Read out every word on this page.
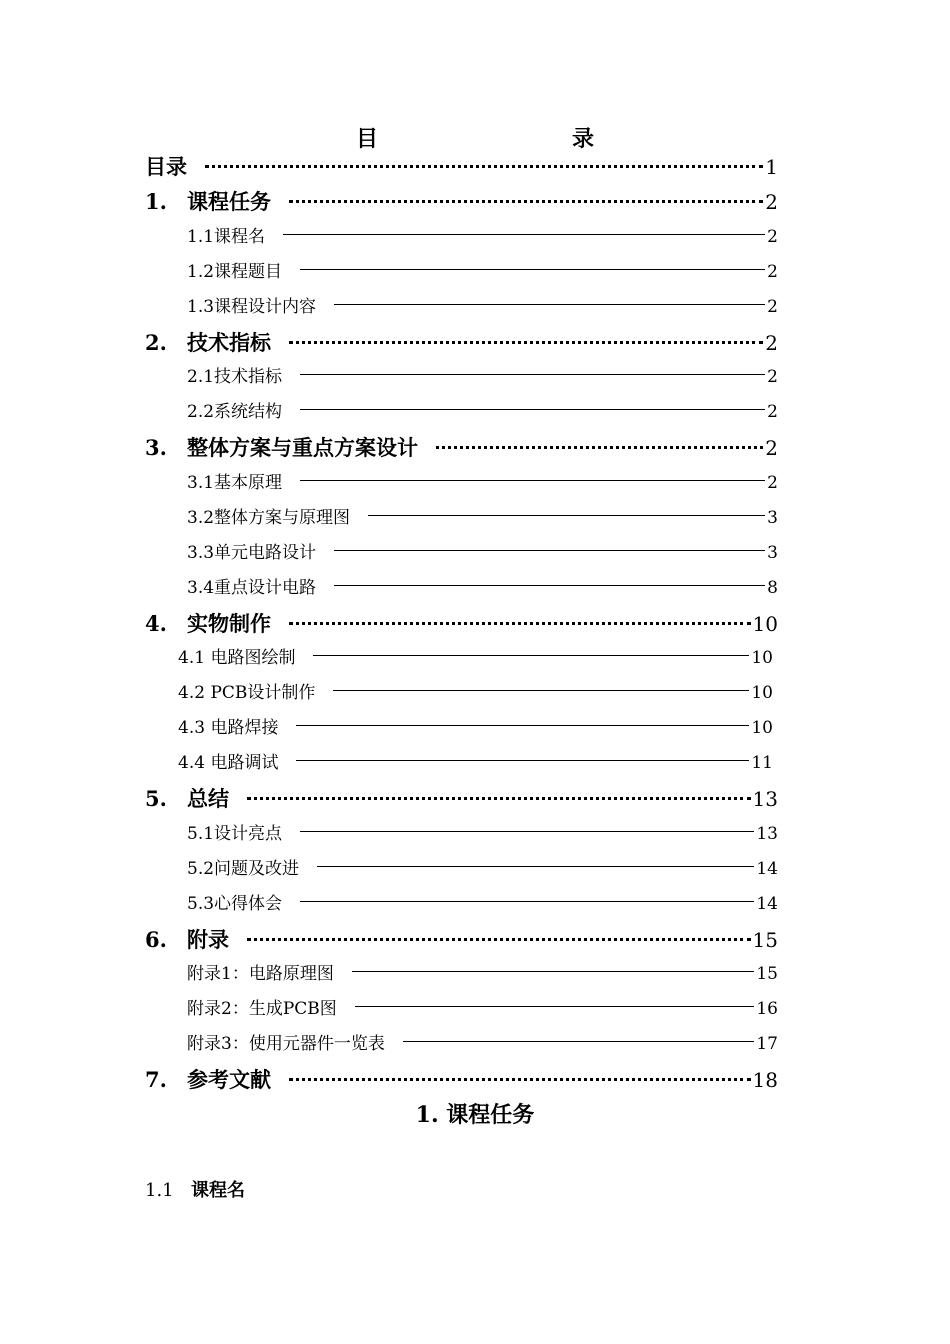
目　　录
目录	1
1. 课程任务	2
1.1课程名	2
1.2课程题目	2
1.3课程设计内容	2
2. 技术指标	2
2.1技术指标	2
2.2系统结构	2
3. 整体方案与重点方案设计	2
3.1基本原理	2
3.2整体方案与原理图	3
3.3单元电路设计	3
3.4重点设计电路	8
4. 实物制作	10
4.1 电路图绘制	10
4.2 PCB设计制作	10
4.3 电路焊接	10
4.4 电路调试	11
5. 总结	13
5.1设计亮点	13
5.2问题及改进	14
5.3心得体会	14
6. 附录	15
附录1：电路原理图	15
附录2：生成PCB图	16
附录3：使用元器件一览表	17
7. 参考文献	18
1. 课程任务
1.1 课程名
